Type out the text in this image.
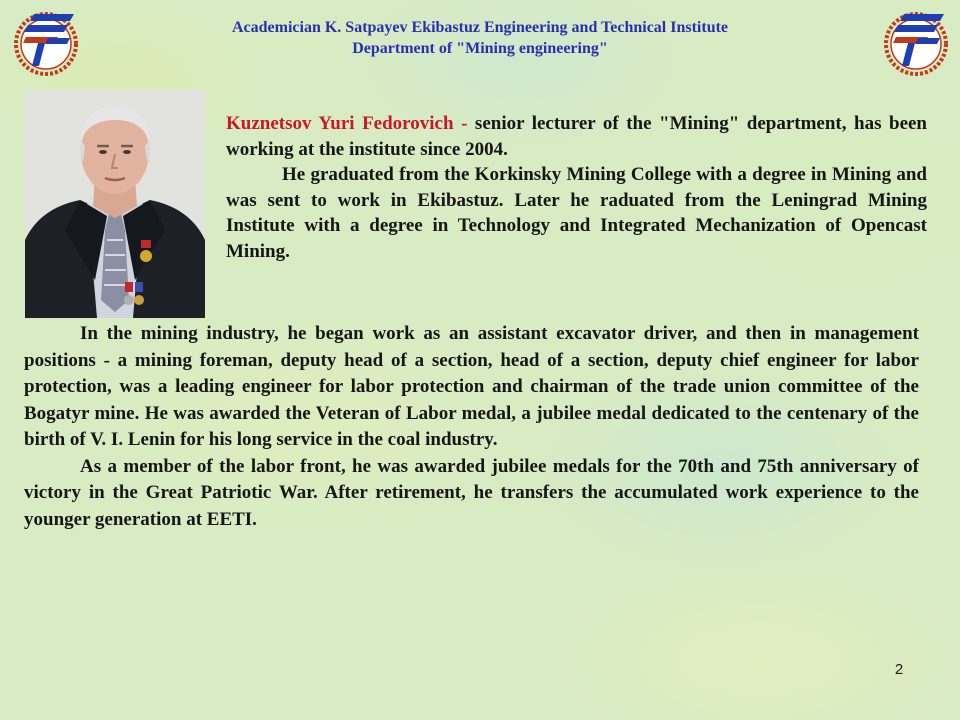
Academician K. Satpayev Ekibastuz Engineering and Technical Institute
Department of "Mining engineering"

Kuznetsov Yuri Fedorovich - senior lecturer of the "Mining" department, has been working at the institute since 2004.

He graduated from the Korkinsky Mining College with a degree in Mining and was sent to work in Ekibastuz. Later he raduated from the Leningrad Mining Institute with a degree in Technology and Integrated Mechanization of Opencast Mining.

In the mining industry, he began work as an assistant excavator driver, and then in management positions - a mining foreman, deputy head of a section, head of a section, deputy chief engineer for labor protection, was a leading engineer for labor protection and chairman of the trade union committee of the Bogatyr mine. He was awarded the Veteran of Labor medal, a jubilee medal dedicated to the centenary of the birth of V. I. Lenin for his long service in the coal industry.

As a member of the labor front, he was awarded jubilee medals for the 70th and 75th anniversary of victory in the Great Patriotic War. After retirement, he transfers the accumulated work experience to the younger generation at EETI.

2
